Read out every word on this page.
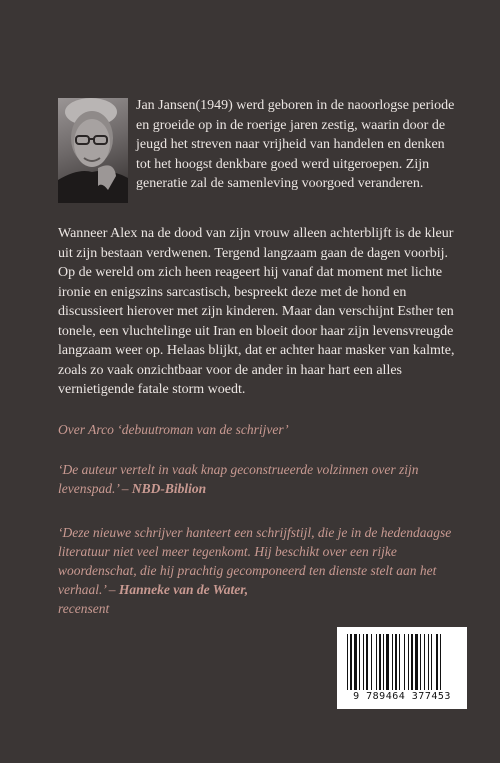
Jan Jansen(1949) werd geboren in de naoorlogse periode en groeide op in de roerige jaren zestig, waarin door de jeugd het streven naar vrijheid van handelen en denken tot het hoogst denkbare goed werd uitgeroepen. Zijn generatie zal de samenleving voorgoed veranderen.

Wanneer Alex na de dood van zijn vrouw alleen achterblijft is de kleur uit zijn bestaan verdwenen. Tergend langzaam gaan de dagen voorbij. Op de wereld om zich heen reageert hij vanaf dat moment met lichte ironie en enigszins sarcastisch, bespreekt deze met de hond en discussieert hierover met zijn kinderen. Maar dan verschijnt Esther ten tonele, een vluchtelinge uit Iran en bloeit door haar zijn levensvreugde langzaam weer op. Helaas blijkt, dat er achter haar masker van kalmte, zoals zo vaak onzichtbaar voor de ander in haar hart een alles vernietigende fatale storm woedt.

Over Arco ‘debuutroman van de schrijver’

‘De auteur vertelt in vaak knap geconstrueerde volzinnen over zijn levenspad.’ – NBD-Biblion

‘Deze nieuwe schrijver hanteert een schrijfstijl, die je in de hedendaagse literatuur niet veel meer tegenkomt. Hij beschikt over een rijke woordenschat, die hij prachtig gecomponeerd ten dienste stelt aan het verhaal.’ – Hanneke van de Water,
recensent

9 789464 377453
